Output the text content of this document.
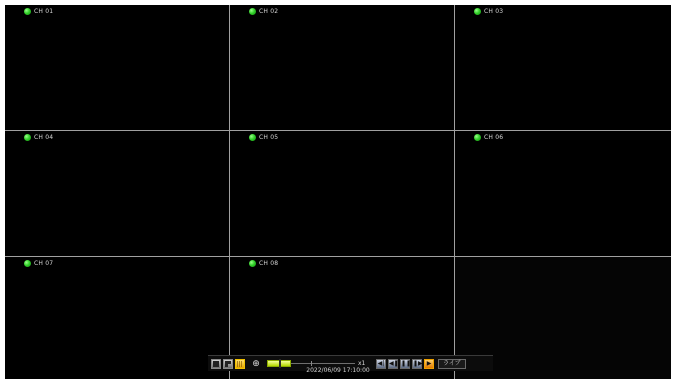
CH 01	CH 02	CH 03
CH 04	CH 05	CH 06
CH 07	CH 08
⊕	x1	◀| ◀❚ ❚❚ ❚▶ ▶	ライブ
2022/06/09 17:10:00
